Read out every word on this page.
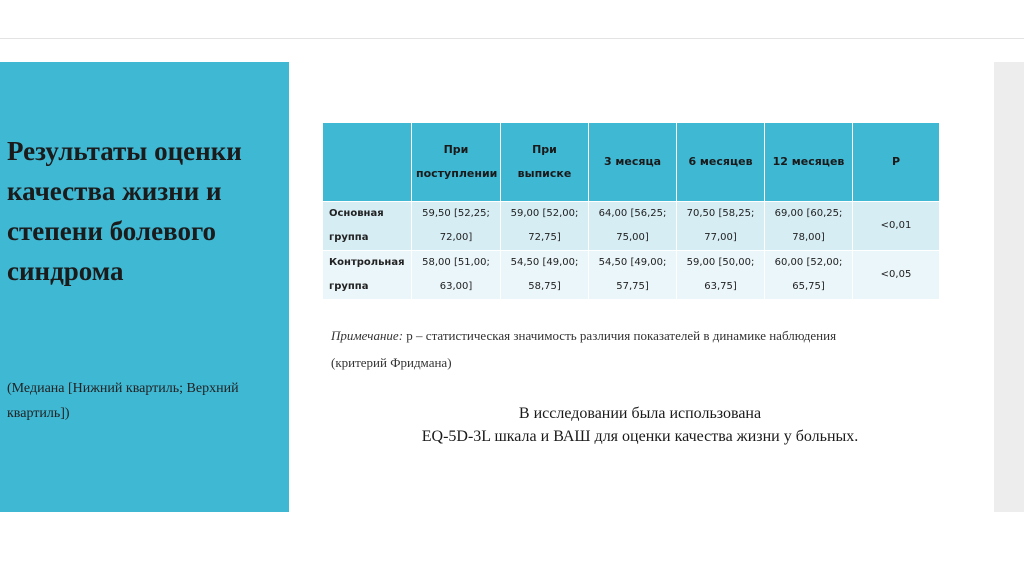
Результаты оценки качества жизни и степени болевого синдрома
(Медиана [Нижний квартиль; Верхний квартиль])
	При поступлении	При выписке	3 месяца	6 месяцев	12 месяцев	P
Основная группа	59,50 [52,25; 72,00]	59,00 [52,00; 72,75]	64,00 [56,25; 75,00]	70,50 [58,25; 77,00]	69,00 [60,25; 78,00]	<0,01
Контрольная группа	58,00 [51,00; 63,00]	54,50 [49,00; 58,75]	54,50 [49,00; 57,75]	59,00 [50,00; 63,75]	60,00 [52,00; 65,75]	<0,05
Примечание: p – статистическая значимость различия показателей в динамике наблюдения (критерий Фридмана)
В исследовании была использована
EQ-5D-3L шкала и ВАШ для оценки качества жизни у больных.
